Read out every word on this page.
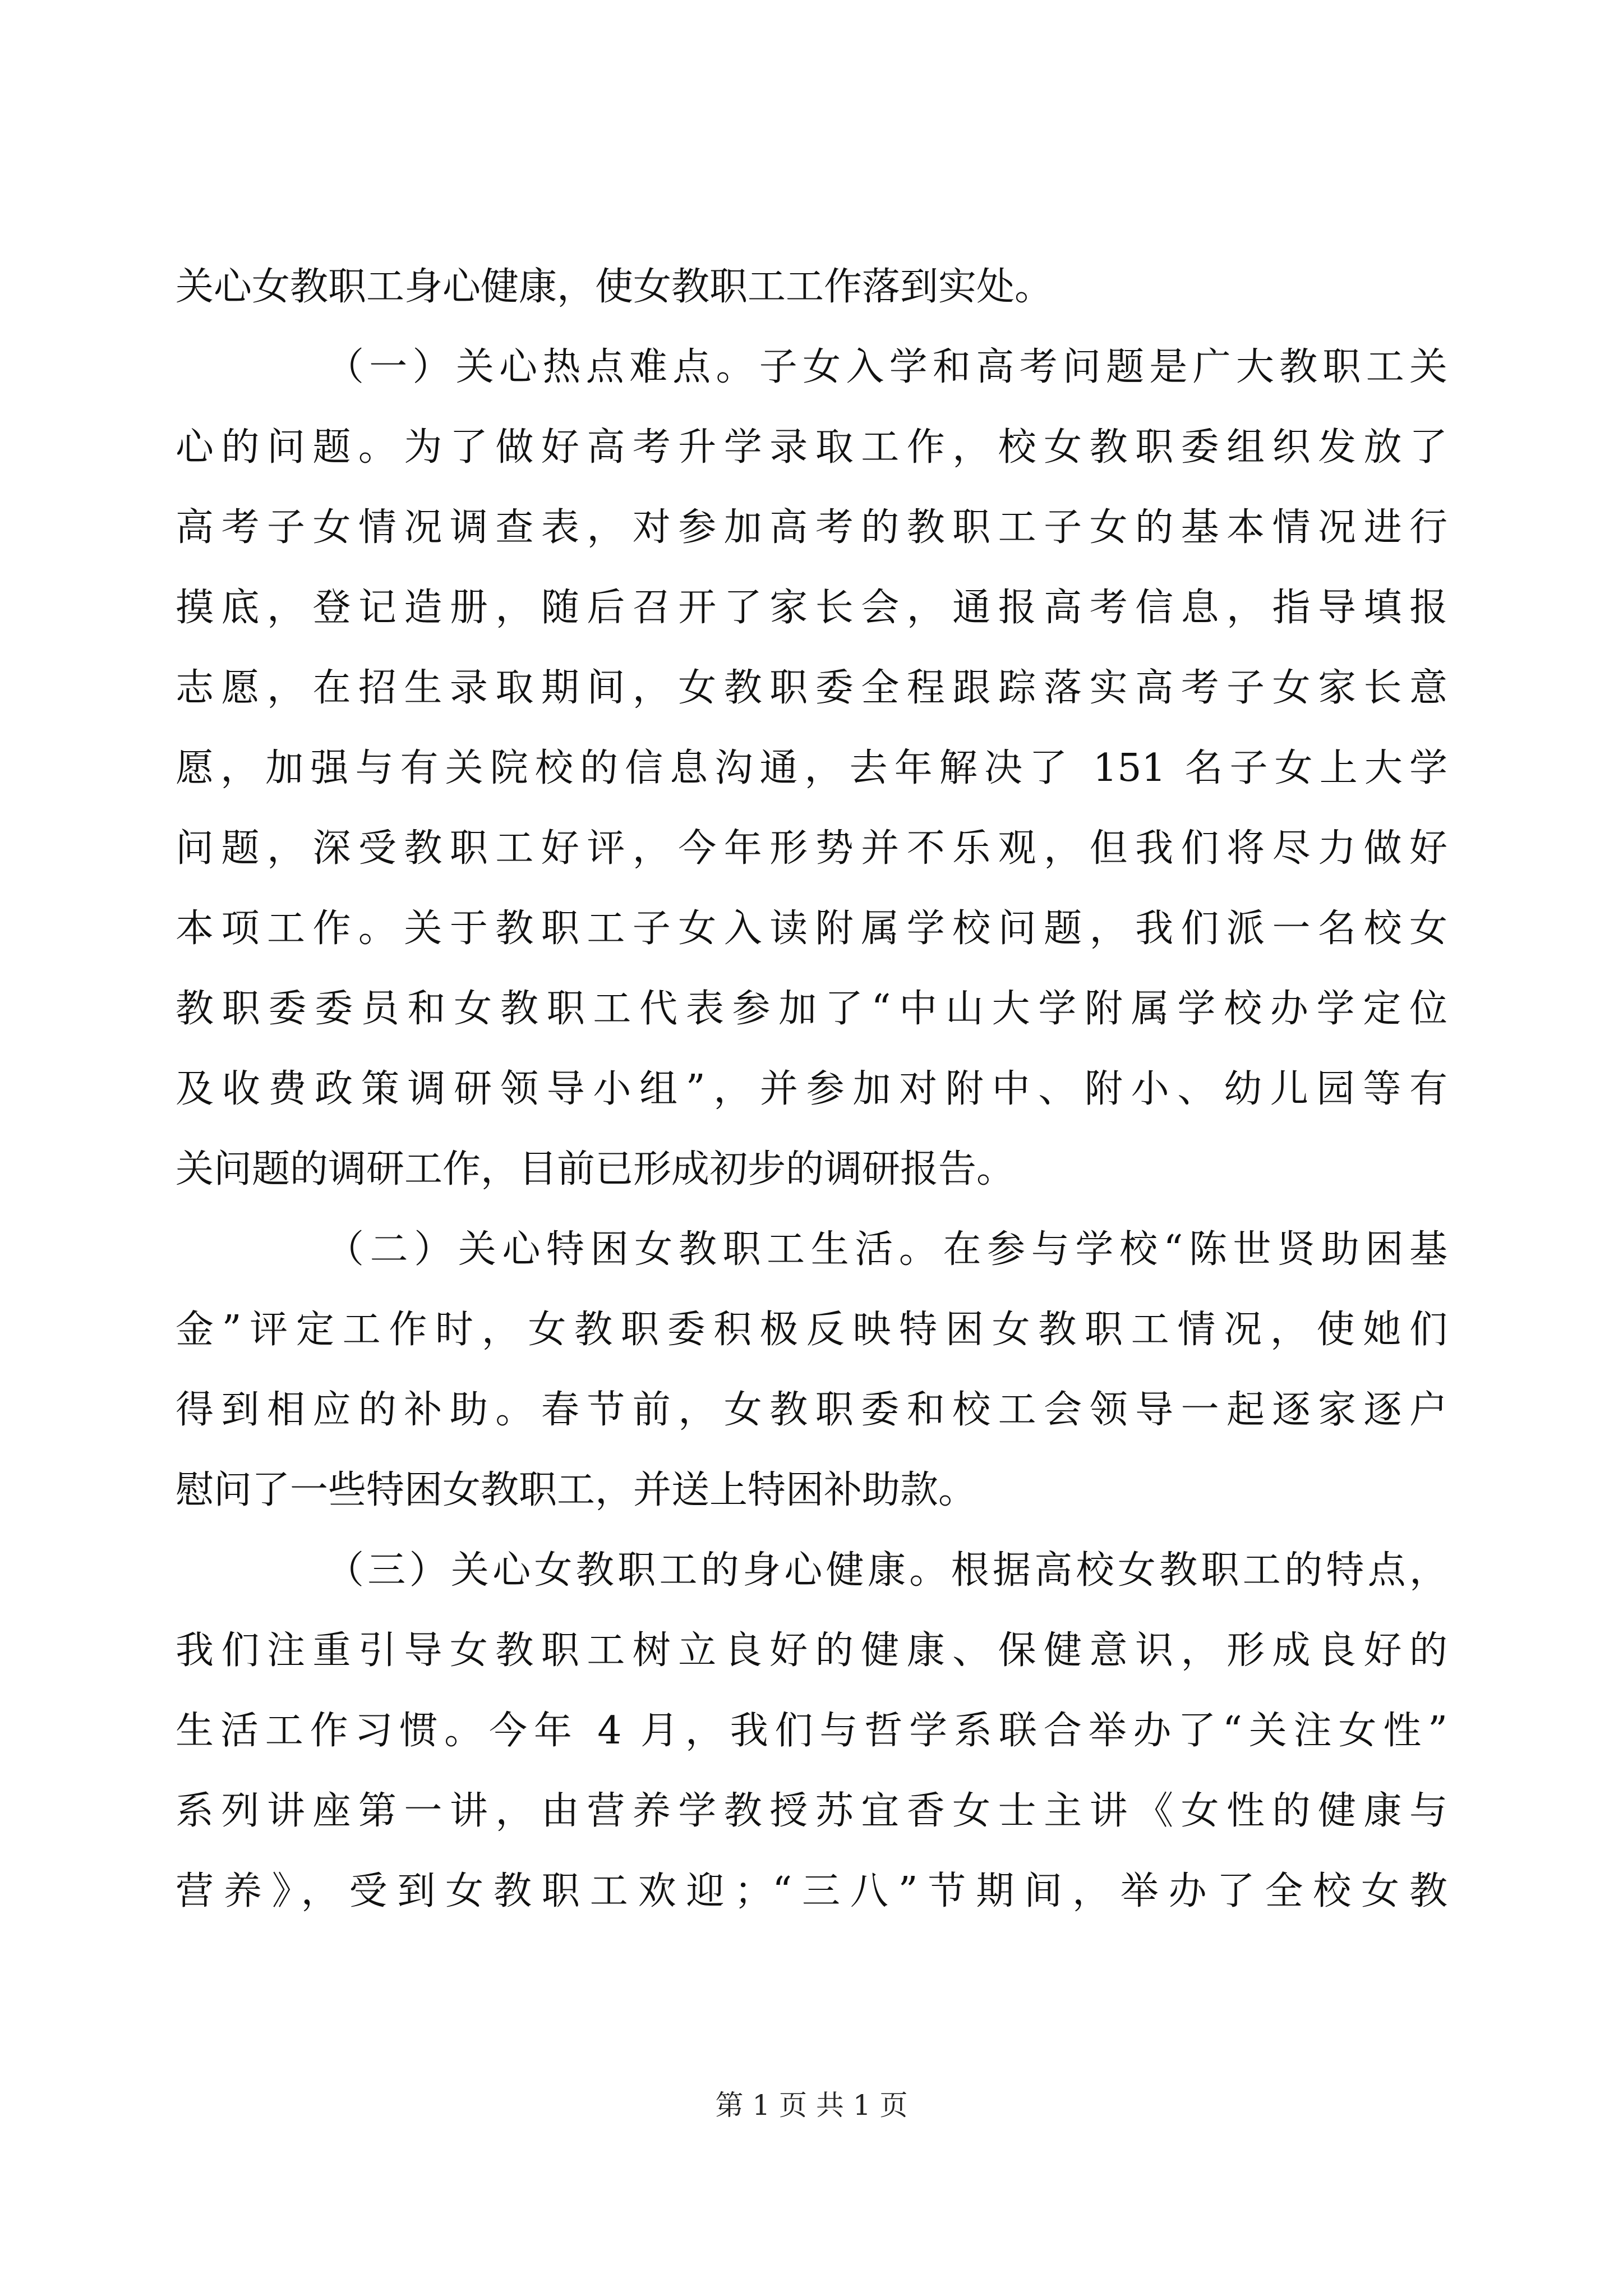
关心女教职工身心健康，使女教职工工作落到实处。
（一）关心热点难点。子女入学和高考问题是广大教职工关
心的问题。为了做好高考升学录取工作，校女教职委组织发放了
高考子女情况调查表，对参加高考的教职工子女的基本情况进行
摸底，登记造册，随后召开了家长会，通报高考信息，指导填报
志愿，在招生录取期间，女教职委全程跟踪落实高考子女家长意
愿，加强与有关院校的信息沟通，去年解决了 151 名子女上大学
问题，深受教职工好评，今年形势并不乐观，但我们将尽力做好
本项工作。关于教职工子女入读附属学校问题，我们派一名校女
教职委委员和女教职工代表参加了“中山大学附属学校办学定位
及收费政策调研领导小组”，并参加对附中、附小、幼儿园等有
关问题的调研工作，目前已形成初步的调研报告。
（二）关心特困女教职工生活。在参与学校“陈世贤助困基
金”评定工作时，女教职委积极反映特困女教职工情况，使她们
得到相应的补助。春节前，女教职委和校工会领导一起逐家逐户
慰问了一些特困女教职工，并送上特困补助款。
（三）关心女教职工的身心健康。根据高校女教职工的特点，
我们注重引导女教职工树立良好的健康、保健意识，形成良好的
生活工作习惯。今年 4 月，我们与哲学系联合举办了“关注女性”
系列讲座第一讲，由营养学教授苏宜香女士主讲《女性的健康与
营养》，受到女教职工欢迎；“三八”节期间，举办了全校女教
第 1 页 共 1 页
